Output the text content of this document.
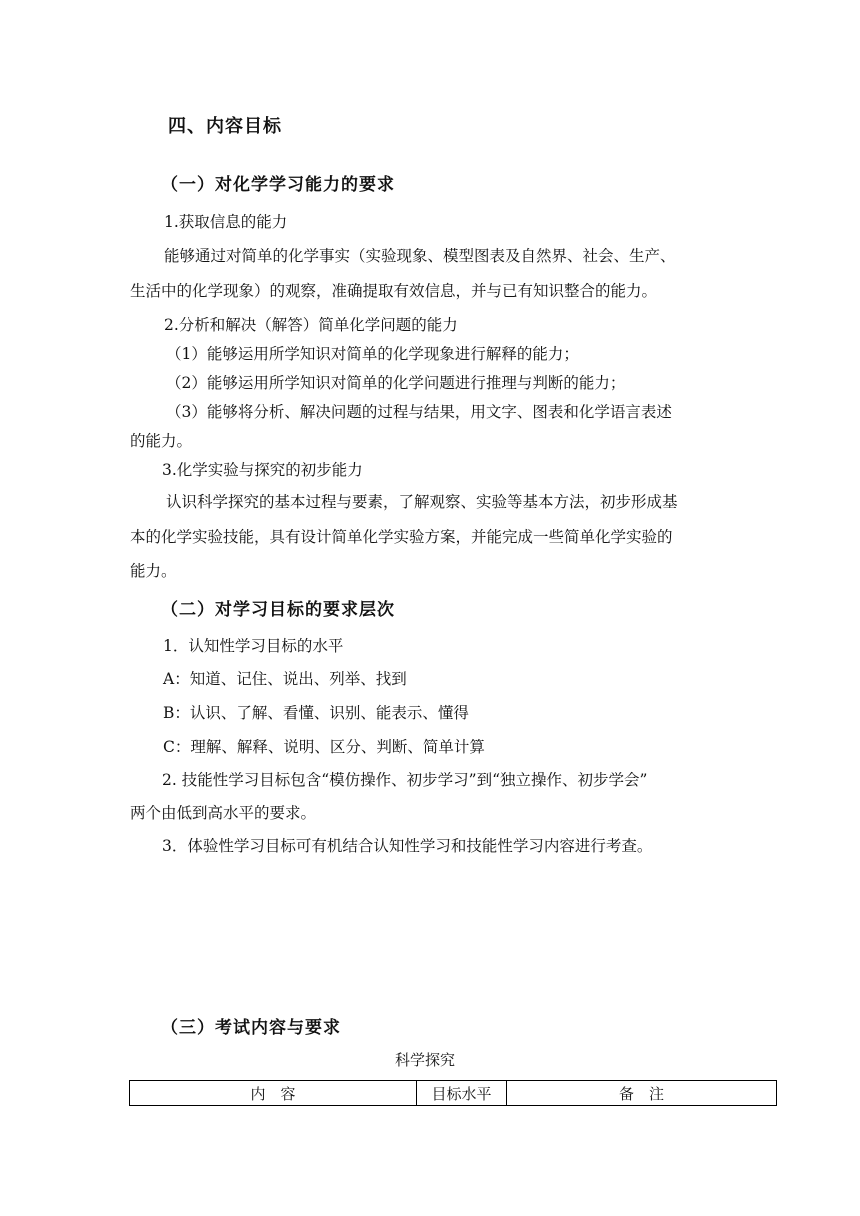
四、内容目标
（一）对化学学习能力的要求
1.获取信息的能力
能够通过对简单的化学事实（实验现象、模型图表及自然界、社会、生产、
生活中的化学现象）的观察，准确提取有效信息，并与已有知识整合的能力。
2.分析和解决（解答）简单化学问题的能力
（1）能够运用所学知识对简单的化学现象进行解释的能力；
（2）能够运用所学知识对简单的化学问题进行推理与判断的能力；
（3）能够将分析、解决问题的过程与结果，用文字、图表和化学语言表述
的能力。
3.化学实验与探究的初步能力
认识科学探究的基本过程与要素，了解观察、实验等基本方法，初步形成基
本的化学实验技能，具有设计简单化学实验方案，并能完成一些简单化学实验的
能力。
（二）对学习目标的要求层次
1．认知性学习目标的水平
A：知道、记住、说出、列举、找到
B：认识、了解、看懂、识别、能表示、懂得
C：理解、解释、说明、区分、判断、简单计算
2. 技能性学习目标包含“模仿操作、初步学习”到“独立操作、初步学会”
两个由低到高水平的要求。
3．体验性学习目标可有机结合认知性学习和技能性学习内容进行考查。
（三）考试内容与要求
科学探究
内　容	目标水平	备　注
